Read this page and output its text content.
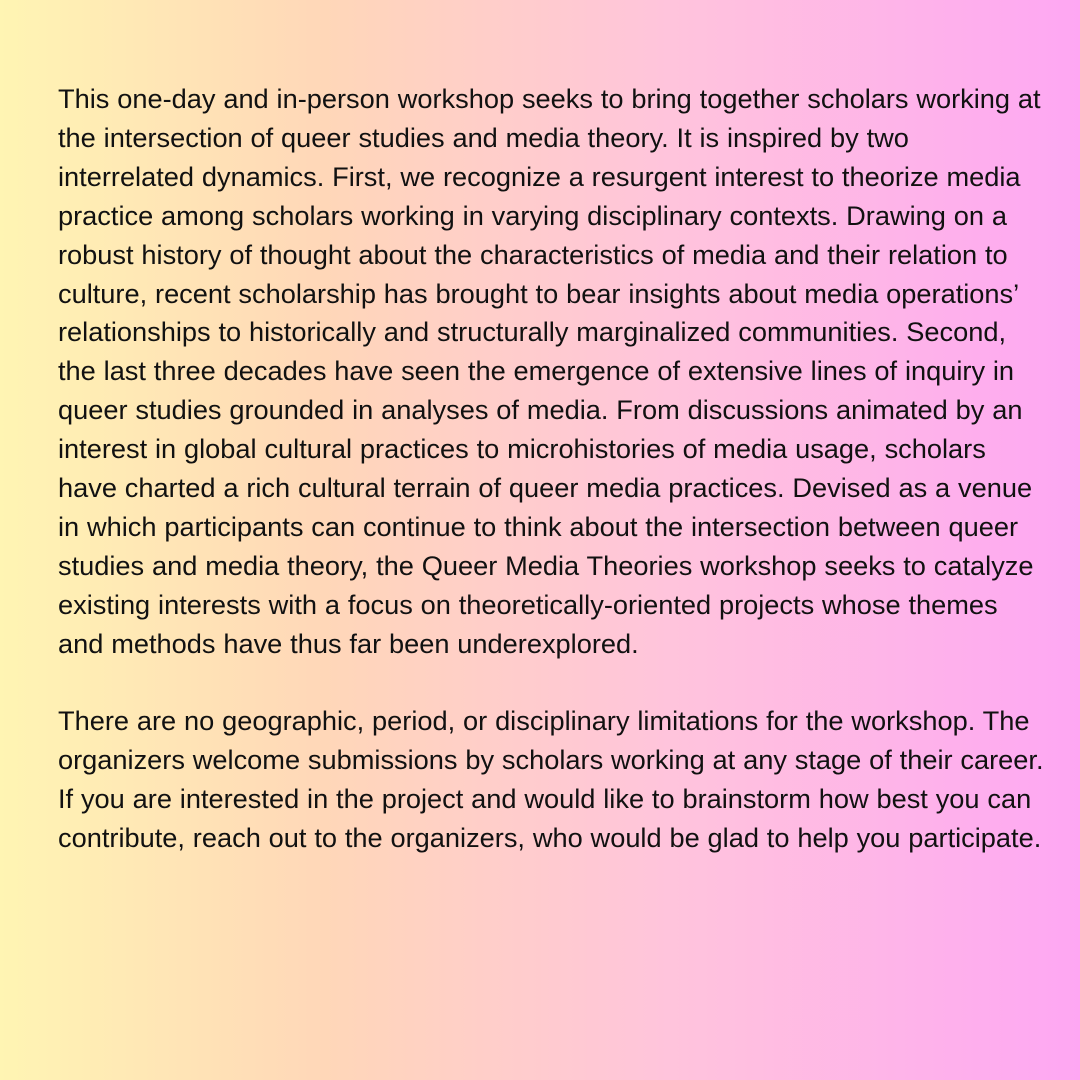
This one-day and in-person workshop seeks to bring together scholars working at the intersection of queer studies and media theory. It is inspired by two interrelated dynamics. First, we recognize a resurgent interest to theorize media practice among scholars working in varying disciplinary contexts. Drawing on a robust history of thought about the characteristics of media and their relation to culture, recent scholarship has brought to bear insights about media operations’ relationships to historically and structurally marginalized communities. Second, the last three decades have seen the emergence of extensive lines of inquiry in queer studies grounded in analyses of media. From discussions animated by an interest in global cultural practices to microhistories of media usage, scholars have charted a rich cultural terrain of queer media practices. Devised as a venue in which participants can continue to think about the intersection between queer studies and media theory, the Queer Media Theories workshop seeks to catalyze existing interests with a focus on theoretically-oriented projects whose themes and methods have thus far been underexplored.

There are no geographic, period, or disciplinary limitations for the workshop. The organizers welcome submissions by scholars working at any stage of their career. If you are interested in the project and would like to brainstorm how best you can contribute, reach out to the organizers, who would be glad to help you participate.
